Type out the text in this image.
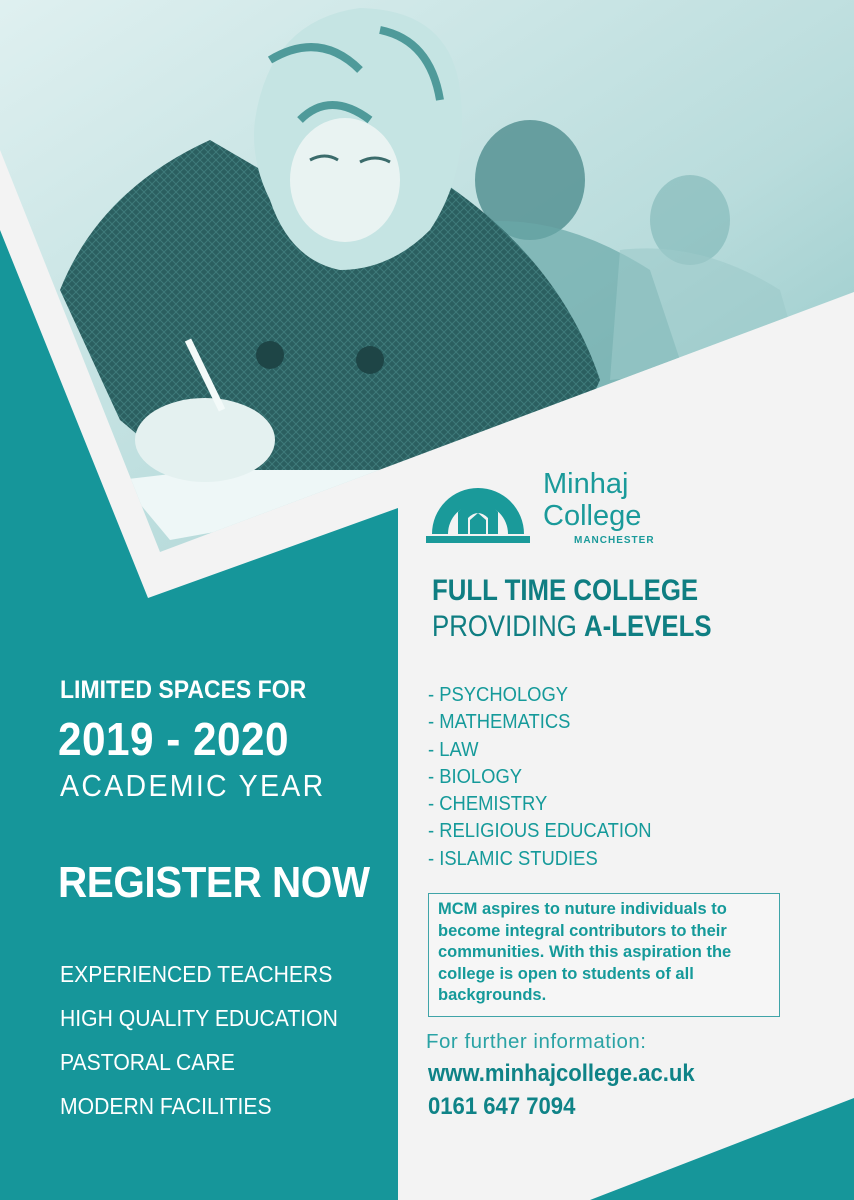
LIMITED SPACES FOR
2019 - 2020
ACADEMIC YEAR
REGISTER NOW
EXPERIENCED TEACHERS
HIGH QUALITY EDUCATION
PASTORAL CARE
MODERN FACILITIES
Minhaj
College
MANCHESTER
FULL TIME COLLEGE
PROVIDING A-LEVELS
- PSYCHOLOGY
- MATHEMATICS
- LAW
- BIOLOGY
- CHEMISTRY
- RELIGIOUS EDUCATION
- ISLAMIC STUDIES
MCM aspires to nuture individuals to become integral contributors to their communities. With this aspiration the college is open to students of all backgrounds.
For further information:
www.minhajcollege.ac.uk
0161 647 7094
